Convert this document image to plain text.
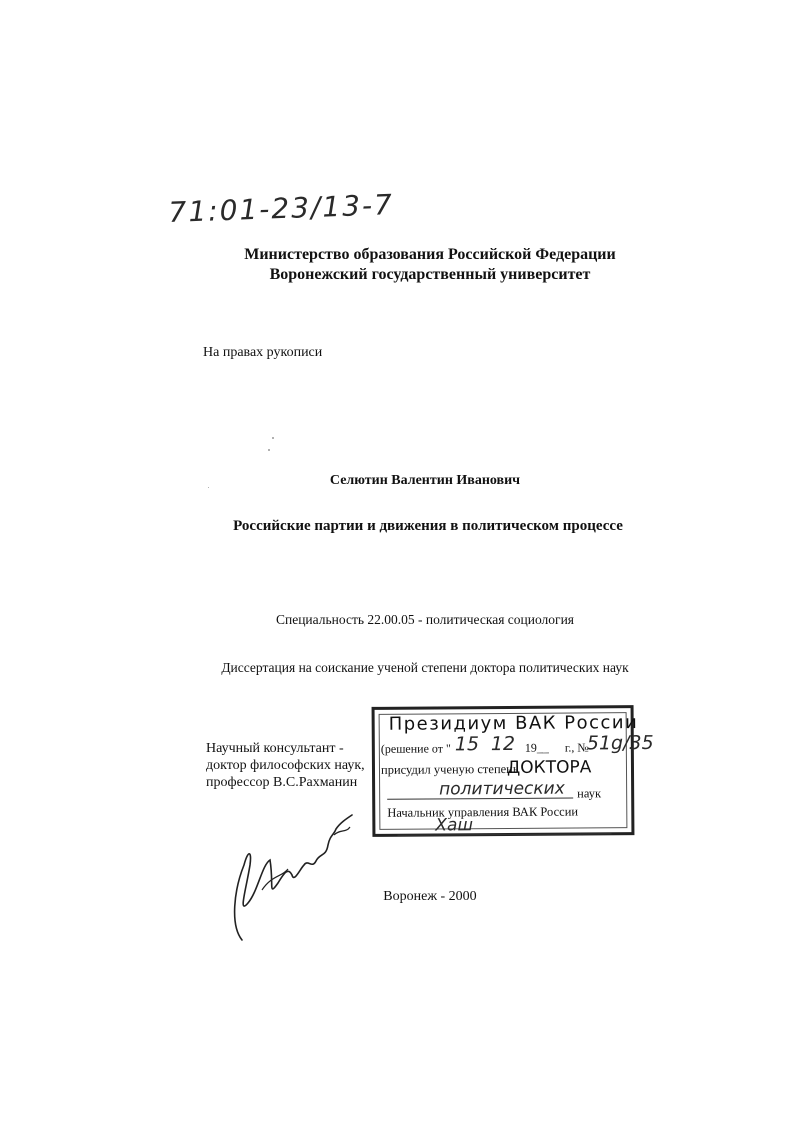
71:01-23/13-7
Министерство образования Российской Федерации
Воронежский государственный университет
На правах рукописи
Селютин Валентин Иванович
Российские партии и движения в политическом процессе
Специальность 22.00.05 - политическая социология
Диссертация на соискание ученой степени доктора политических наук
Научный консультант -
доктор философских наук,
профессор В.С.Рахманин
Президиум ВАК России
(решение от " 15 12 19__ г., №
51g/35
присудил ученую степень
ДОКТОРА
политических наук
Начальник управления ВАК России
Хаш
Воронеж - 2000
